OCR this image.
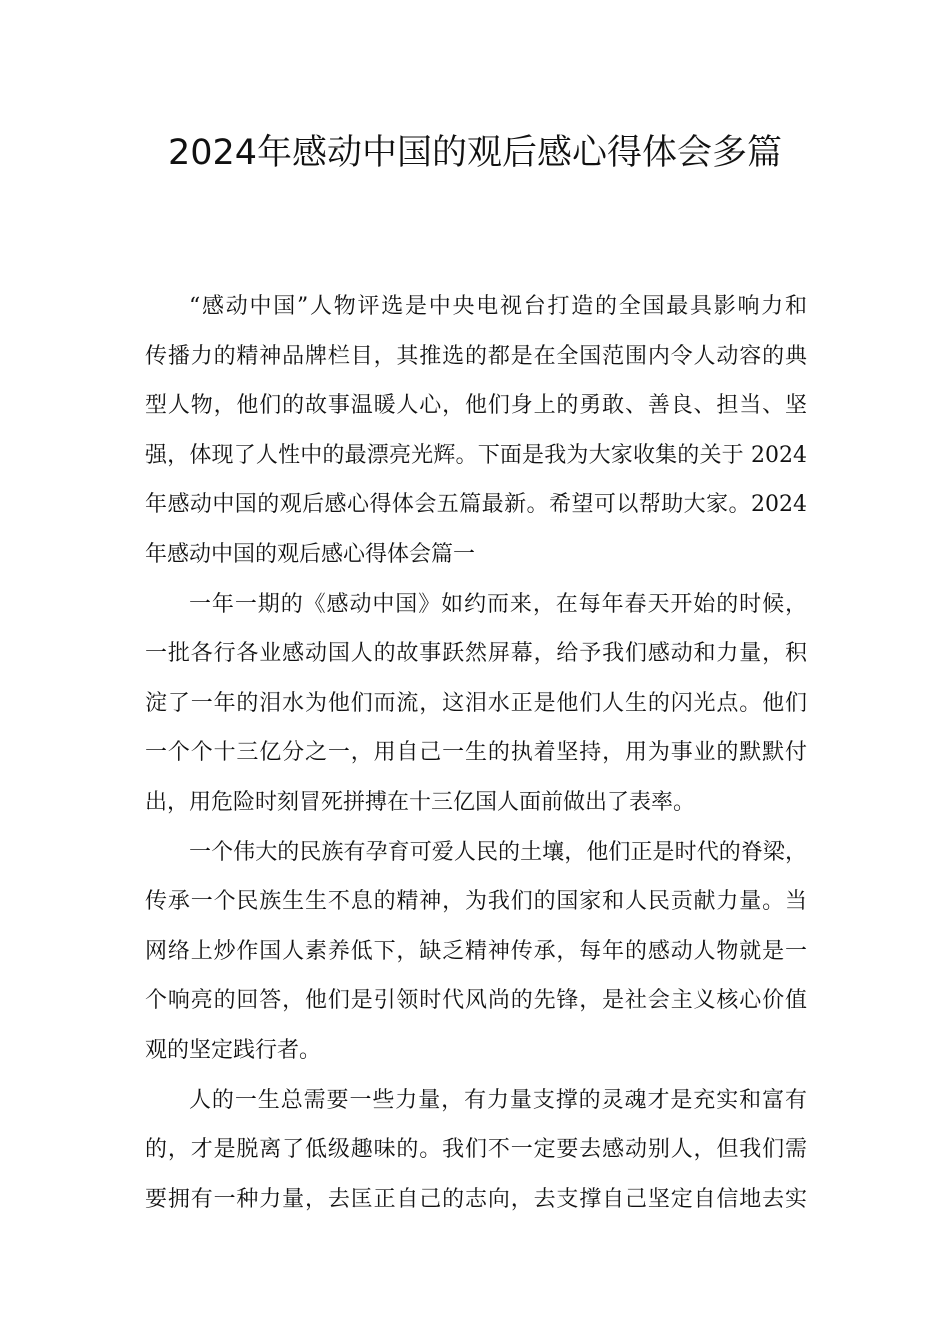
2024年感动中国的观后感心得体会多篇

“感动中国”人物评选是中央电视台打造的全国最具影响力和
传播力的精神品牌栏目，其推选的都是在全国范围内令人动容的典
型人物，他们的故事温暖人心，他们身上的勇敢、善良、担当、坚
强，体现了人性中的最漂亮光辉。下面是我为大家收集的关于 2024
年感动中国的观后感心得体会五篇最新。希望可以帮助大家。2024
年感动中国的观后感心得体会篇一

一年一期的《感动中国》如约而来，在每年春天开始的时候，
一批各行各业感动国人的故事跃然屏幕，给予我们感动和力量，积
淀了一年的泪水为他们而流，这泪水正是他们人生的闪光点。他们
一个个十三亿分之一，用自己一生的执着坚持，用为事业的默默付
出，用危险时刻冒死拼搏在十三亿国人面前做出了表率。

一个伟大的民族有孕育可爱人民的土壤，他们正是时代的脊梁，
传承一个民族生生不息的精神，为我们的国家和人民贡献力量。当
网络上炒作国人素养低下，缺乏精神传承，每年的感动人物就是一
个响亮的回答，他们是引领时代风尚的先锋，是社会主义核心价值
观的坚定践行者。

人的一生总需要一些力量，有力量支撑的灵魂才是充实和富有
的，才是脱离了低级趣味的。我们不一定要去感动别人，但我们需
要拥有一种力量，去匡正自己的志向，去支撑自己坚定自信地去实
